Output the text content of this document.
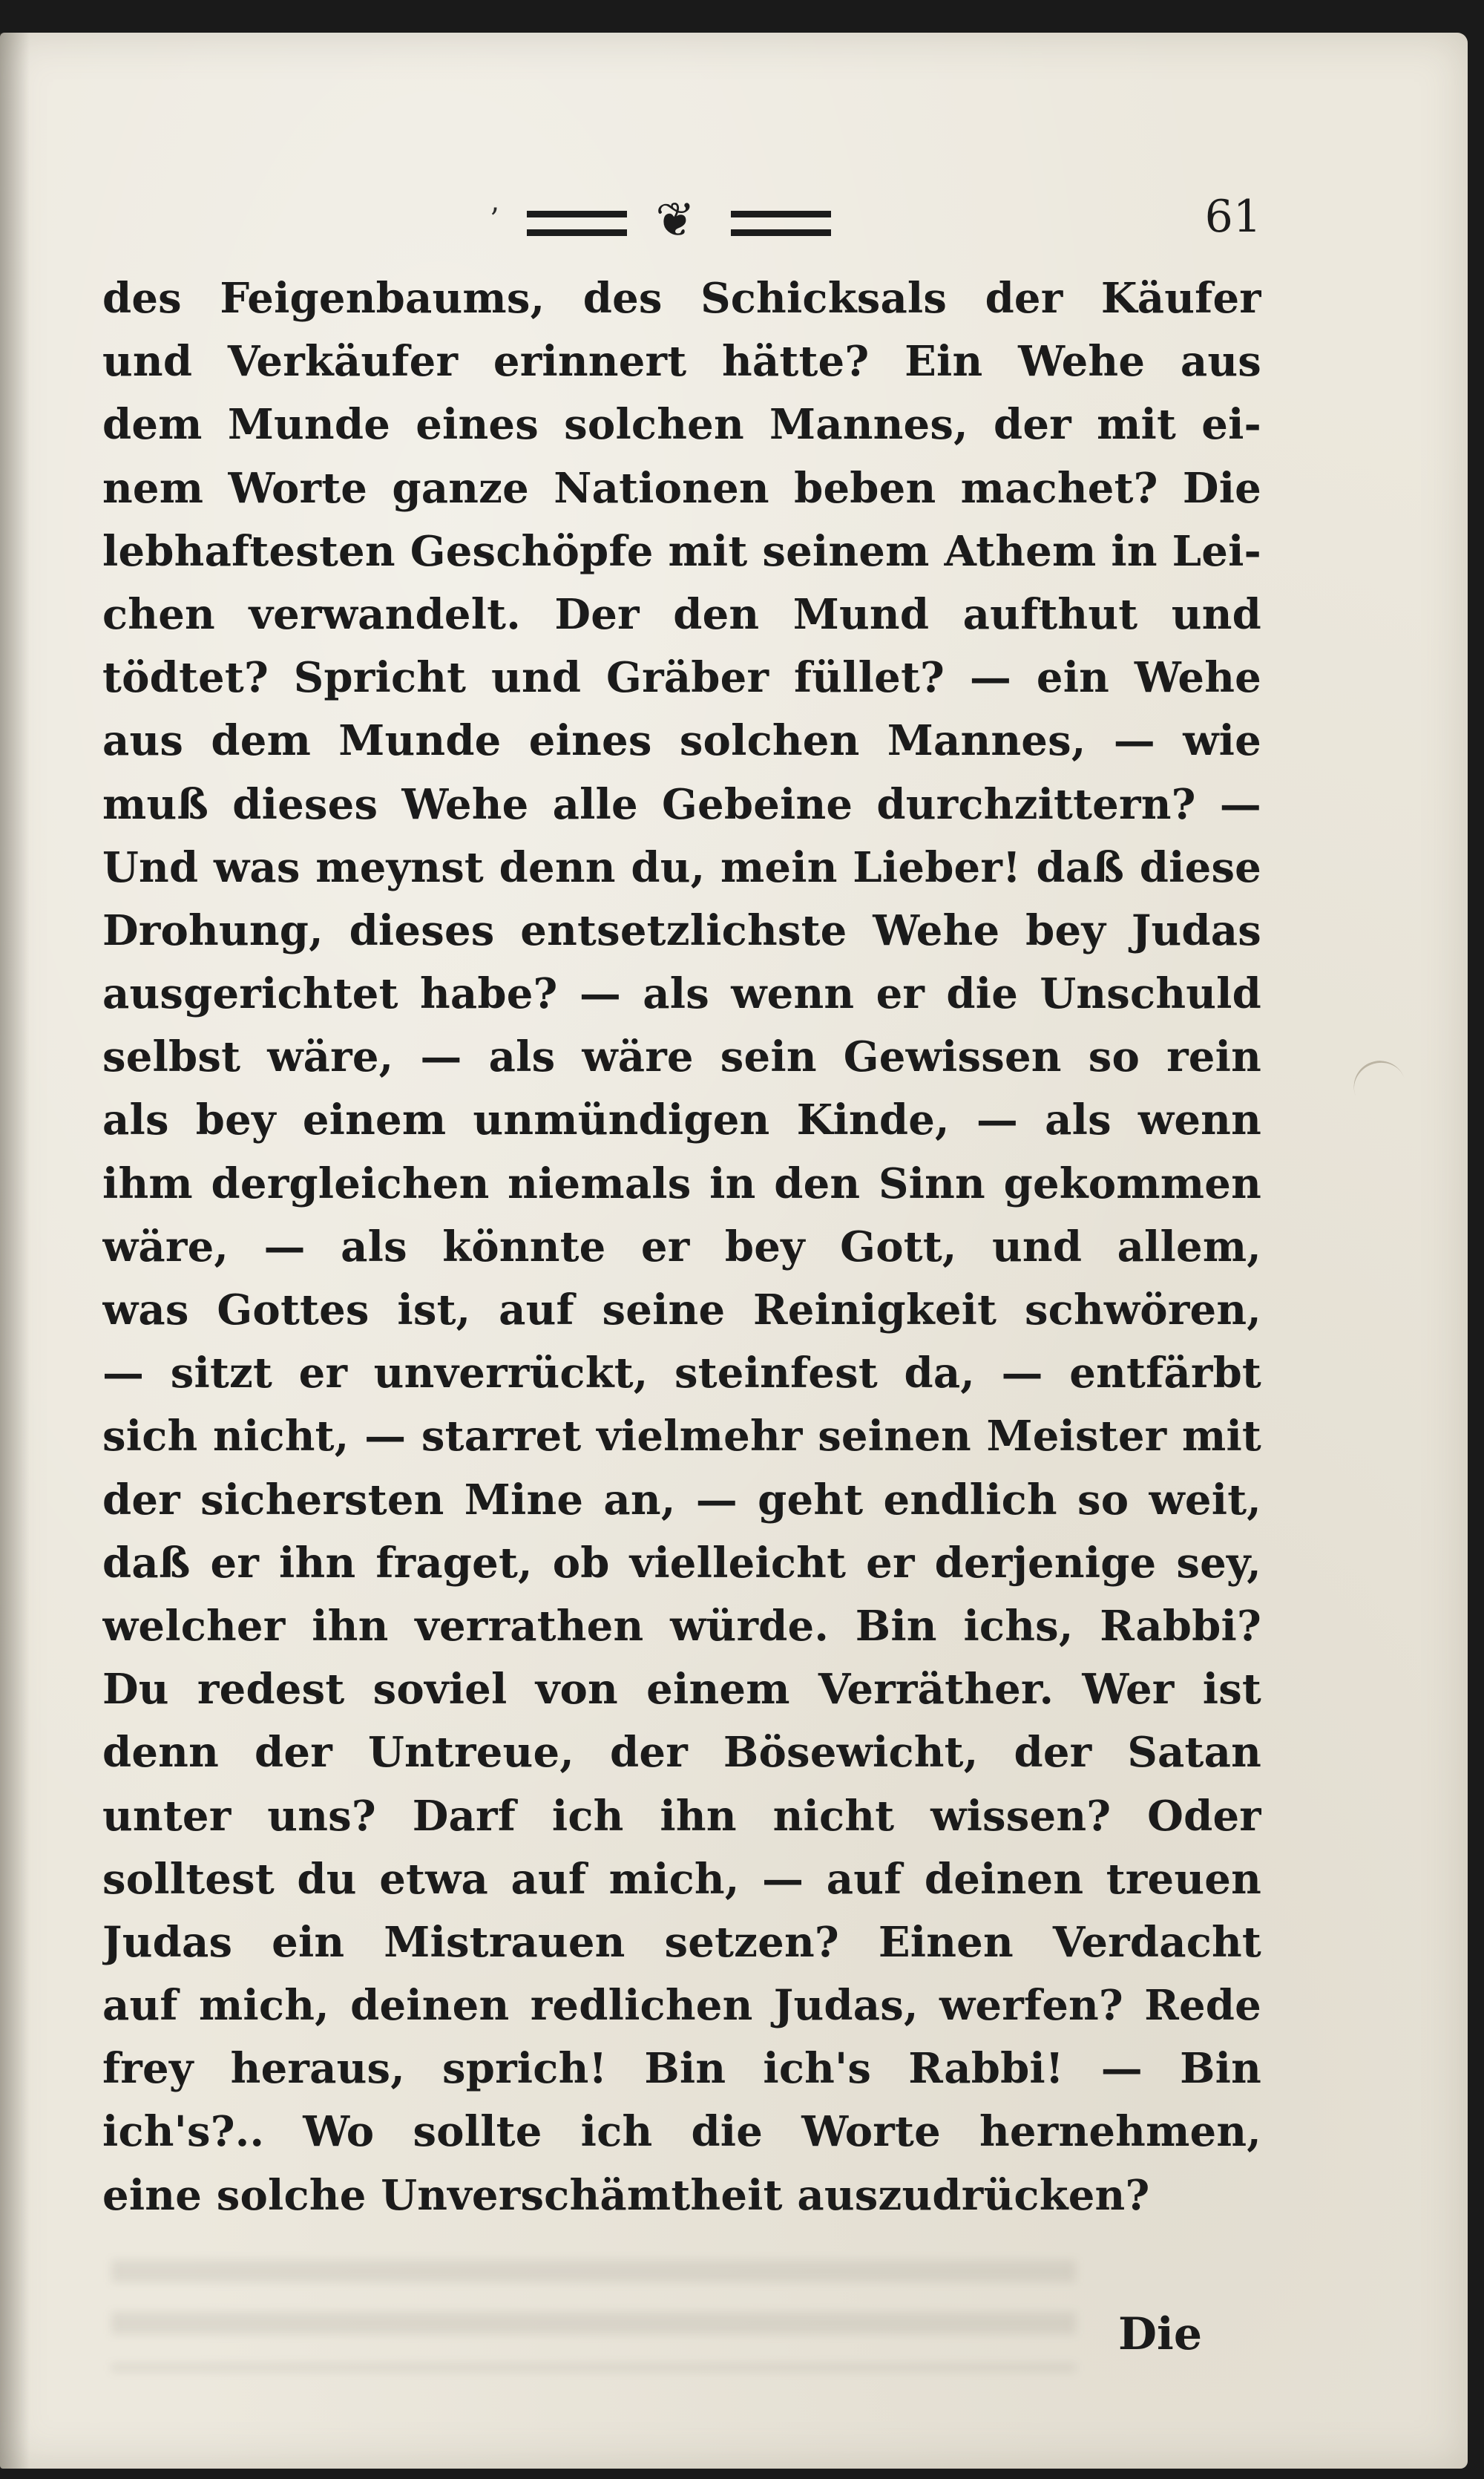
’	❦	61
des Feigenbaums, des Schicksals der Käufer
und Verkäufer erinnert hätte? Ein Wehe aus
dem Munde eines solchen Mannes, der mit ei-
nem Worte ganze Nationen beben machet? Die
lebhaftesten Geschöpfe mit seinem Athem in Lei-
chen verwandelt. Der den Mund aufthut und
tödtet? Spricht und Gräber füllet? — ein Wehe
aus dem Munde eines solchen Mannes, — wie
muß dieses Wehe alle Gebeine durchzittern? —
Und was meynst denn du, mein Lieber! daß diese
Drohung, dieses entsetzlichste Wehe bey Judas
ausgerichtet habe? — als wenn er die Unschuld
selbst wäre, — als wäre sein Gewissen so rein
als bey einem unmündigen Kinde, — als wenn
ihm dergleichen niemals in den Sinn gekommen
wäre, — als könnte er bey Gott, und allem,
was Gottes ist, auf seine Reinigkeit schwören,
— sitzt er unverrückt, steinfest da, — entfärbt
sich nicht, — starret vielmehr seinen Meister mit
der sichersten Mine an, — geht endlich so weit,
daß er ihn fraget, ob vielleicht er derjenige sey,
welcher ihn verrathen würde. Bin ichs, Rabbi?
Du redest soviel von einem Verräther. Wer ist
denn der Untreue, der Bösewicht, der Satan
unter uns? Darf ich ihn nicht wissen? Oder
solltest du etwa auf mich, — auf deinen treuen
Judas ein Mistrauen setzen? Einen Verdacht
auf mich, deinen redlichen Judas, werfen? Rede
frey heraus, sprich! Bin ich's Rabbi! — Bin
ich's?.. Wo sollte ich die Worte hernehmen,
eine solche Unverschämtheit auszudrücken?
Die
